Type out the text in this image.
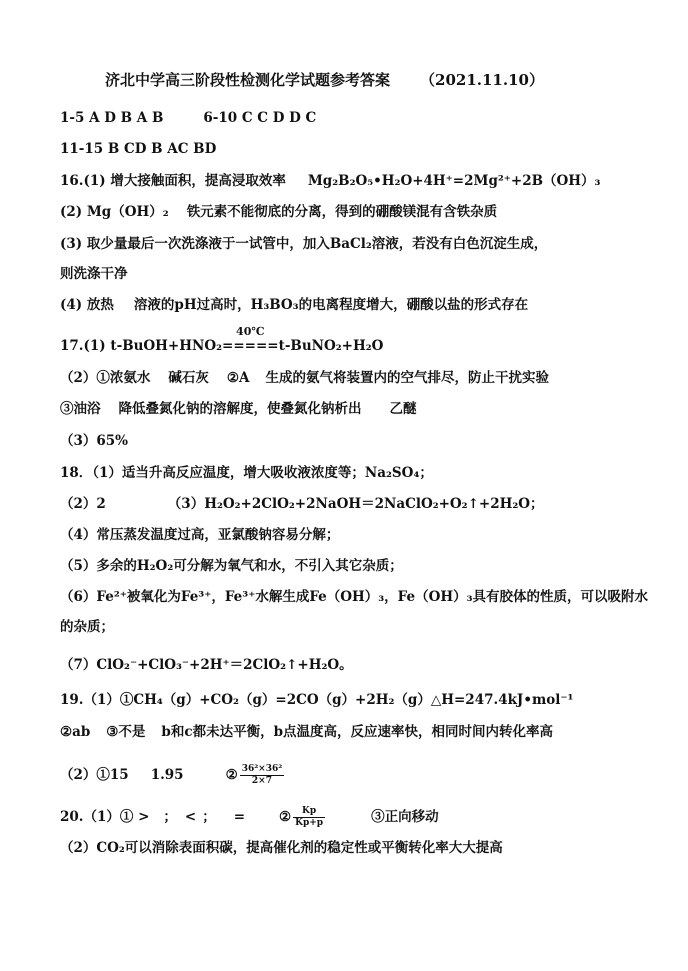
济北中学高三阶段性检测化学试题参考答案 （2021.11.10）
1-5 A D B A B	6-10 C C D D C
11-15 B CD B AC BD
16.(1) 增大接触面积，提高浸取效率 Mg₂B₂O₅•H₂O+4H⁺=2Mg²⁺+2B（OH）₃
(2) Mg（OH）₂ 铁元素不能彻底的分离，得到的硼酸镁混有含铁杂质
(3) 取少量最后一次洗涤液于一试管中，加入BaCl₂溶液，若没有白色沉淀生成，
则洗涤干净
(4) 放热 溶液的pH过高时，H₃BO₃的电离程度增大，硼酸以盐的形式存在
17.(1) t-BuOH+HNO₂
40℃
=====t-BuNO₂+H₂O
（2）①浓氨水 碱石灰 ②A 生成的氨气将装置内的空气排尽，防止干扰实验
③油浴 降低叠氮化钠的溶解度，使叠氮化钠析出 乙醚
（3）65%
18．（1）适当升高反应温度，增大吸收液浓度等；Na₂SO₄；
（2）2	（3）H₂O₂+2ClO₂+2NaOH＝2NaClO₂+O₂↑+2H₂O；
（4）常压蒸发温度过高，亚氯酸钠容易分解；
（5）多余的H₂O₂可分解为氧气和水，不引入其它杂质；
（6）Fe²⁺被氧化为Fe³⁺，Fe³⁺水解生成Fe（OH）₃，Fe（OH）₃具有胶体的性质，可以吸附水
的杂质；
（7）ClO₂⁻+ClO₃⁻+2H⁺＝2ClO₂↑+H₂O。
19.（1）①CH₄（g）+CO₂（g）=2CO（g）+2H₂（g）△H=247.4kJ•mol⁻¹
②ab ③不是 b和c都未达平衡，b点温度高，反应速率快，相同时间内转化率高
（2）①15 1.95	② $\frac{\text{36²×36²}}{2\times 7}$
20.（1）① > ； < ； =	② $\frac{Kp}{Kp+p}$	③正向移动
（2）CO₂可以消除表面积碳，提高催化剂的稳定性或平衡转化率大大提高
